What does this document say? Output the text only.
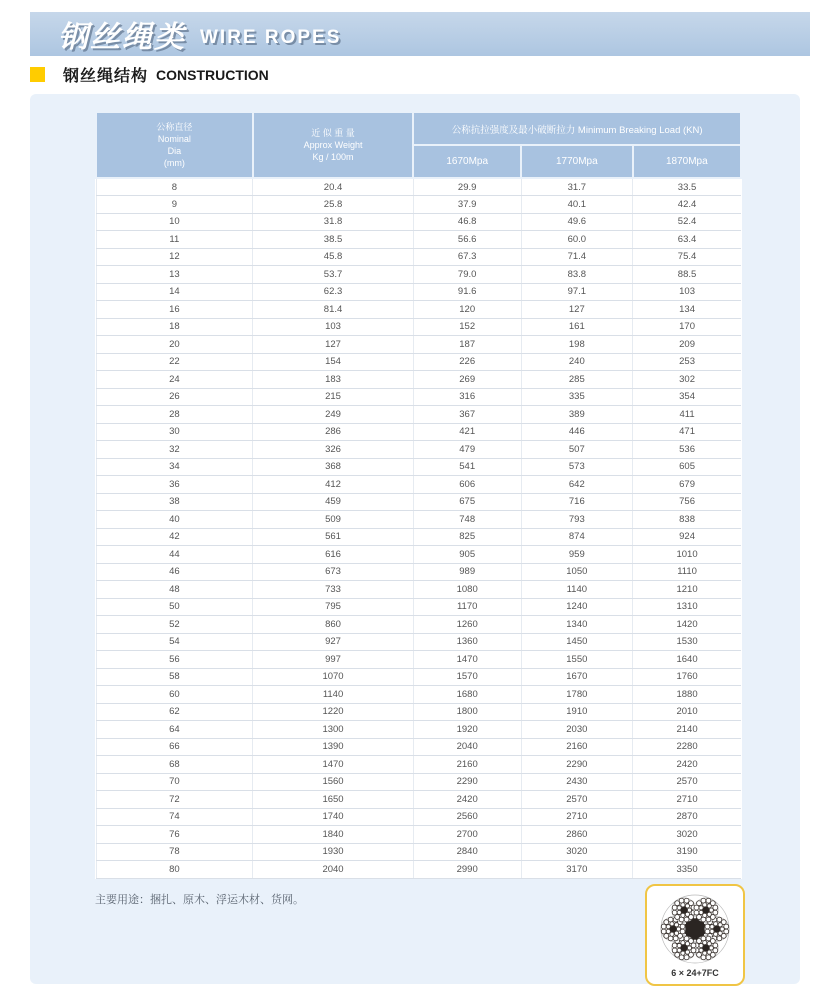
钢丝绳类 WIRE ROPES
钢丝绳结构 CONSTRUCTION
公称直径
Nominal
Dia
(mm)	近 似 重 量
Approx Weight
Kg / 100m	公称抗拉强度及最小破断拉力 Minimum Breaking Load (KN)		
		1670Mpa	1770Mpa	1870Mpa
8	20.4	29.9	31.7	33.5
9	25.8	37.9	40.1	42.4
10	31.8	46.8	49.6	52.4
11	38.5	56.6	60.0	63.4
12	45.8	67.3	71.4	75.4
13	53.7	79.0	83.8	88.5
14	62.3	91.6	97.1	103
16	81.4	120	127	134
18	103	152	161	170
20	127	187	198	209
22	154	226	240	253
24	183	269	285	302
26	215	316	335	354
28	249	367	389	411
30	286	421	446	471
32	326	479	507	536
34	368	541	573	605
36	412	606	642	679
38	459	675	716	756
40	509	748	793	838
42	561	825	874	924
44	616	905	959	1010
46	673	989	1050	1110
48	733	1080	1140	1210
50	795	1170	1240	1310
52	860	1260	1340	1420
54	927	1360	1450	1530
56	997	1470	1550	1640
58	1070	1570	1670	1760
60	1140	1680	1780	1880
62	1220	1800	1910	2010
64	1300	1920	2030	2140
66	1390	2040	2160	2280
68	1470	2160	2290	2420
70	1560	2290	2430	2570
72	1650	2420	2570	2710
74	1740	2560	2710	2870
76	1840	2700	2860	3020
78	1930	2840	3020	3190
80	2040	2990	3170	3350
主要用途：捆扎、原木、浮运木材、货网。
6 × 24+7FC
